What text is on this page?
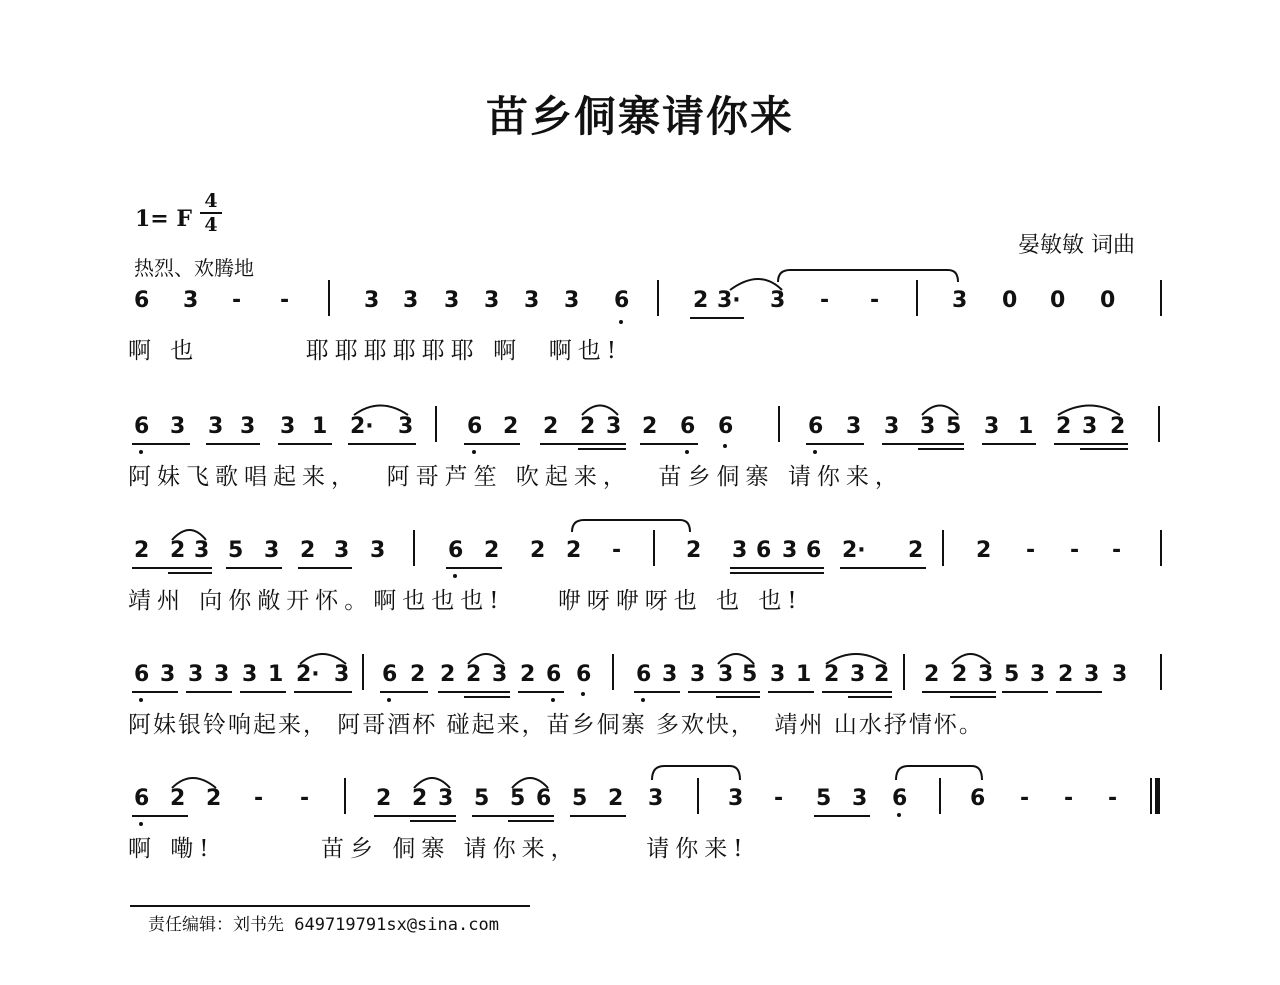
苗乡侗寨请你来
1= F
4
4
热烈、欢腾地
晏敏敏 词曲
6 3 - -	3 3 3 3 3 3 6	2 3· 3 - -	3 0 0 0
啊 也        耶耶耶耶耶耶 啊  啊也!
6 3 3 3 3 1 2· 3 6 2 2 2 3 2 6 6	6 3 3 3 5 3 1 2 3 2
阿妹飞歌唱起来，  阿哥芦笙 吹起来，  苗乡侗寨 请你来，
2 2 3 5 3 2 3 3	6 2 2 2 -	2 3 6 3 6 2· 2 2 - - -
靖州 向你敞开怀。啊也也也!    咿呀咿呀也 也 也!
6 3 3 3 3 1 2· 3 6 2 2 2 3 2 6 6 6 3 3 3 5 3 1 2 3 2 2 2 3 5 3 2 3 3
阿妹银铃响起来， 阿哥酒杯 碰起来，苗乡侗寨 多欢快，  靖州 山水抒情怀。
6 2 2 - -	2 2 3 5 5 6 5 2 3	3 - 5 3 6	6 - - -
啊 嘞!        苗乡 侗寨 请你来，     请你来!
责任编辑：刘书先 649719791sx@sina.com
